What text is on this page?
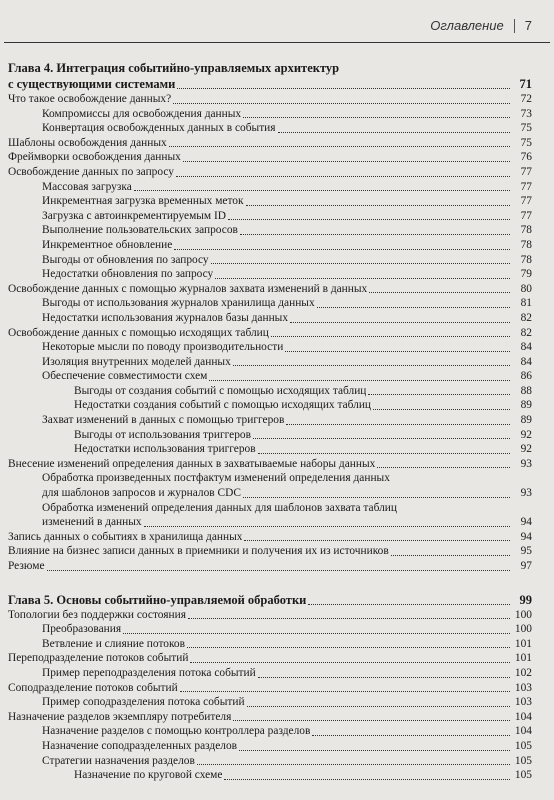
Оглавление 7
Глава 4. Интеграция событийно-управляемых архитектур
с существующими системами	71
Что такое освобождение данных?	72
Компромиссы для освобождения данных	73
Конвертация освобожденных данных в события	75
Шаблоны освобождения данных	75
Фреймворки освобождения данных	76
Освобождение данных по запросу	77
Массовая загрузка	77
Инкрементная загрузка временных меток	77
Загрузка с автоинкрементируемым ID	77
Выполнение пользовательских запросов	78
Инкрементное обновление	78
Выгоды от обновления по запросу	78
Недостатки обновления по запросу	79
Освобождение данных с помощью журналов захвата изменений в данных	80
Выгоды от использования журналов хранилища данных	81
Недостатки использования журналов базы данных	82
Освобождение данных с помощью исходящих таблиц	82
Некоторые мысли по поводу производительности	84
Изоляция внутренних моделей данных	84
Обеспечение совместимости схем	86
Выгоды от создания событий с помощью исходящих таблиц	88
Недостатки создания событий с помощью исходящих таблиц	89
Захват изменений в данных с помощью триггеров	89
Выгоды от использования триггеров	92
Недостатки использования триггеров	92
Внесение изменений определения данных в захватываемые наборы данных	93
Обработка произведенных постфактум изменений определения данных
для шаблонов запросов и журналов CDC	93
Обработка изменений определения данных для шаблонов захвата таблиц
изменений в данных	94
Запись данных о событиях в хранилища данных	94
Влияние на бизнес записи данных в приемники и получения их из источников	95
Резюме	97
Глава 5. Основы событийно-управляемой обработки	99
Топологии без поддержки состояния	100
Преобразования	100
Ветвление и слияние потоков	101
Переподразделение потоков событий	101
Пример переподразделения потока событий	102
Соподразделение потоков событий	103
Пример соподразделения потока событий	103
Назначение разделов экземпляру потребителя	104
Назначение разделов с помощью контроллера разделов	104
Назначение соподразделенных разделов	105
Стратегии назначения разделов	105
Назначение по круговой схеме	105
